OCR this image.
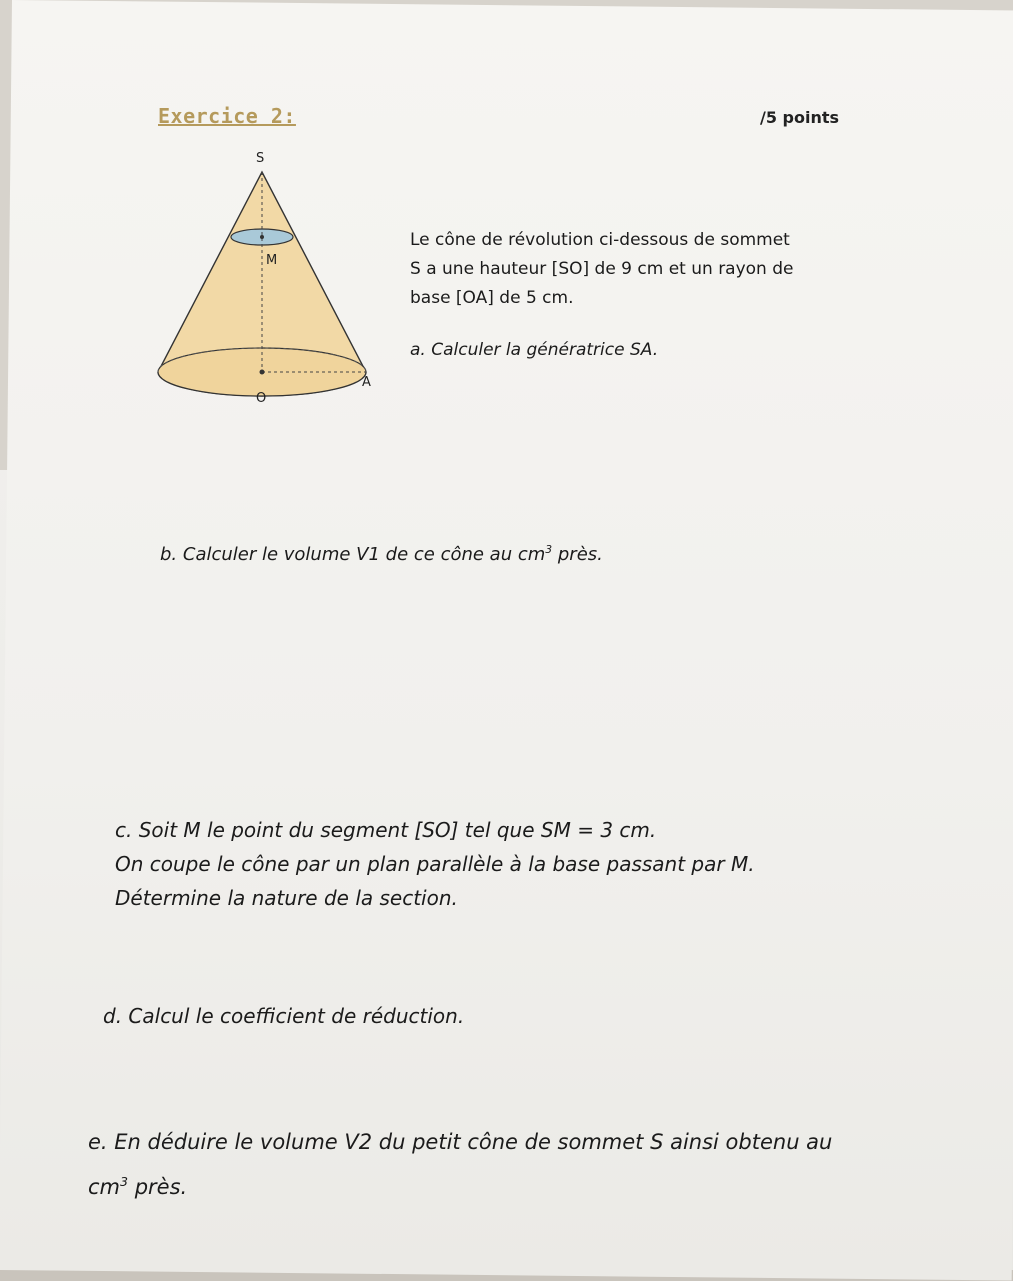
Exercice 2:	/5 points
S
M
O
A
Le cône de révolution ci-dessous de sommet
S a une hauteur [SO] de 9 cm et un rayon de
base [OA] de 5 cm.
a. Calculer la génératrice SA.
b. Calculer le volume V1 de ce cône au $cm^3$ près.
c. Soit M le point du segment [SO] tel que SM = 3 cm.
On coupe le cône par un plan parallèle à la base passant par M.
Détermine la nature de la section.
d. Calcul le coefficient de réduction.
e. En déduire le volume V2 du petit cône de sommet S ainsi obtenu au
$cm^3$ près.
